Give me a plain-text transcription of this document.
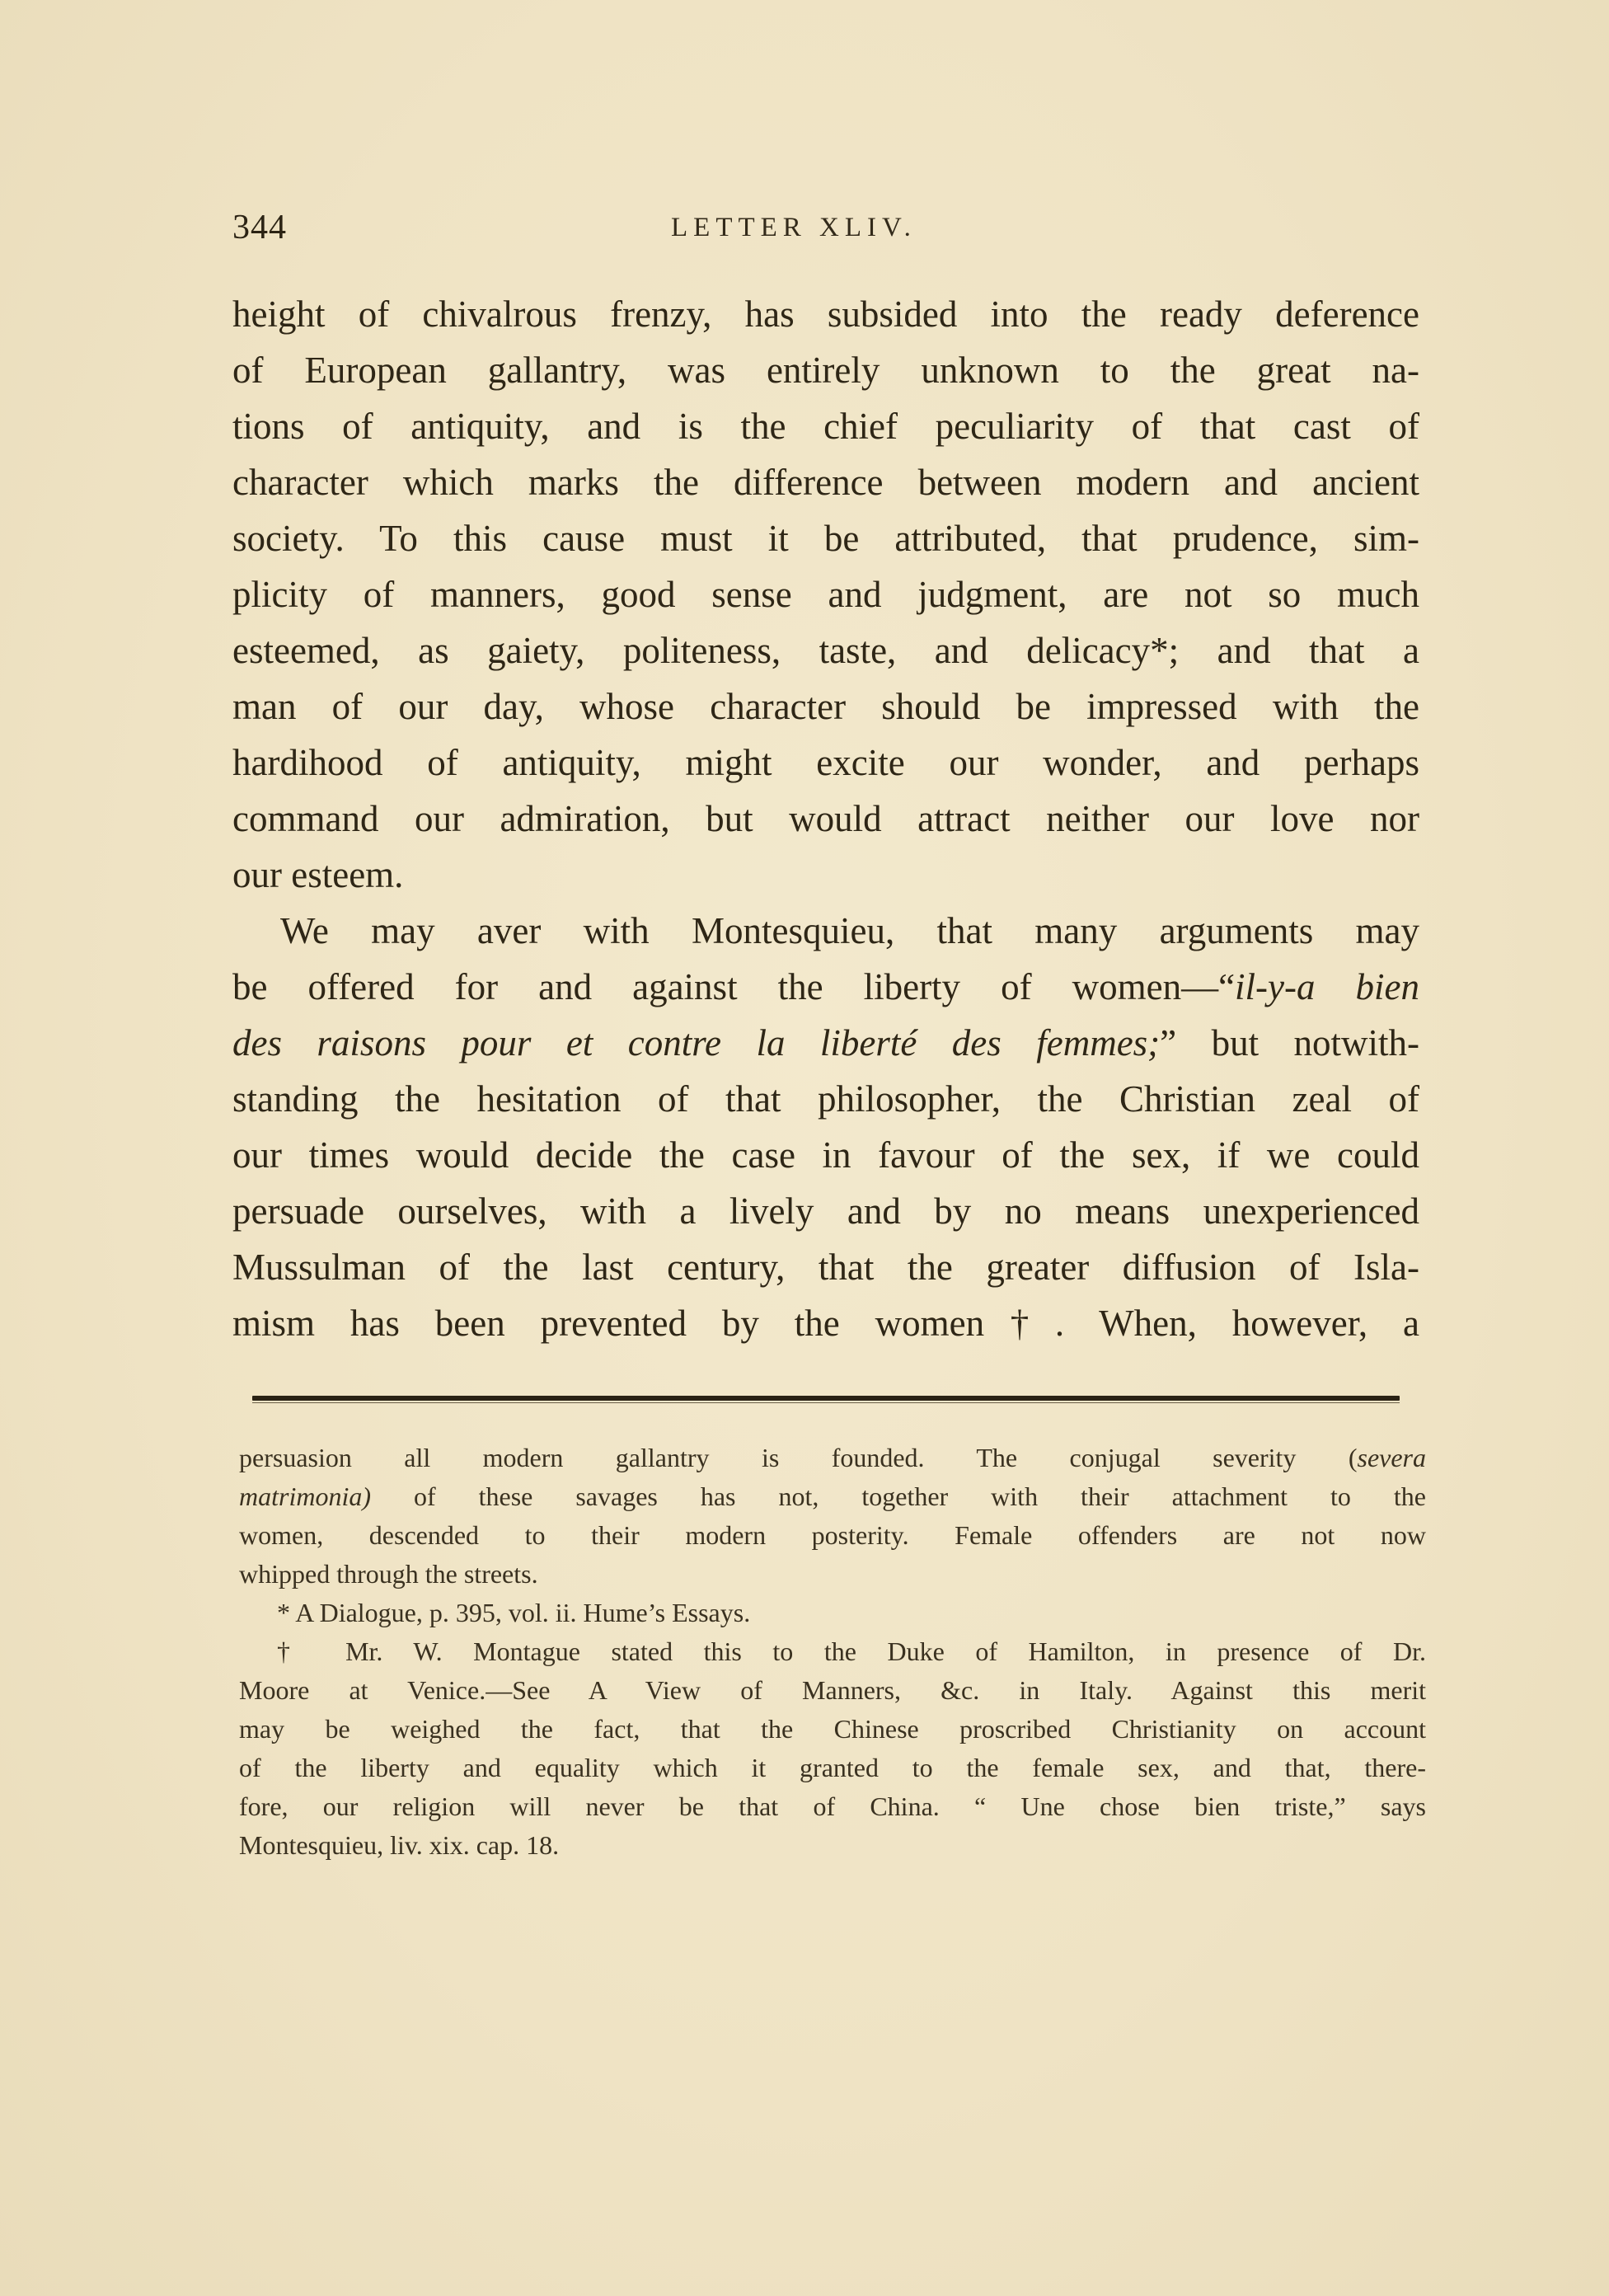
344	LETTER XLIV.
height of chivalrous frenzy, has subsided into the ready deference
of European gallantry, was entirely unknown to the great na-
tions of antiquity, and is the chief peculiarity of that cast of
character which marks the difference between modern and ancient
society. To this cause must it be attributed, that prudence, sim-
plicity of manners, good sense and judgment, are not so much
esteemed, as gaiety, politeness, taste, and delicacy*; and that a
man of our day, whose character should be impressed with the
hardihood of antiquity, might excite our wonder, and perhaps
command our admiration, but would attract neither our love nor
our esteem.
We may aver with Montesquieu, that many arguments may
be offered for and against the liberty of women—“il-y-a bien
des raisons pour et contre la liberté des femmes;” but notwith-
standing the hesitation of that philosopher, the Christian zeal of
our times would decide the case in favour of the sex, if we could
persuade ourselves, with a lively and by no means unexperienced
Mussulman of the last century, that the greater diffusion of Isla-
mism has been prevented by the women†. When, however, a
persuasion all modern gallantry is founded. The conjugal severity (severa
matrimonia) of these savages has not, together with their attachment to the
women, descended to their modern posterity. Female offenders are not now
whipped through the streets.
* A Dialogue, p. 395, vol. ii. Hume’s Essays.
† Mr. W. Montague stated this to the Duke of Hamilton, in presence of Dr.
Moore at Venice.—See A View of Manners, &c. in Italy. Against this merit
may be weighed the fact, that the Chinese proscribed Christianity on account
of the liberty and equality which it granted to the female sex, and that, there-
fore, our religion will never be that of China. “ Une chose bien triste,” says
Montesquieu, liv. xix. cap. 18.
